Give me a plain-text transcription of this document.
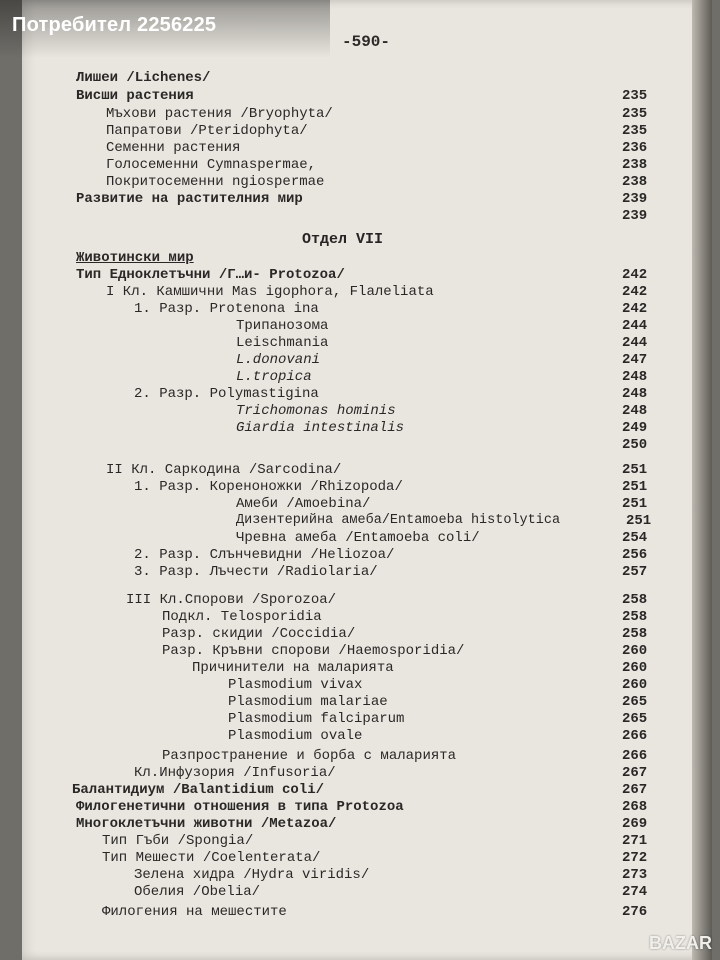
-590-
Лишеи /Lichenes/
Висши растения	235
Мъхови растения /Bryophyta/	235
Папратови /Pteridophyta/	235
Семенни растения	236
Голосеменни Cymnaspermae,	238
Покритосеменни ngiospermae	238
Развитие на растителния мир	239
239
Отдел VII
Животински мир
Тип Едноклетъчни /Г…и- Protozoa/	242
I Кл. Камшични Mas igophora, Flaлeliata	242
1. Разр. Protenona ina	242
Трипанозома	244
Leischmania	244
L.donovani	247
L.tropica	248
2. Разр. Polymastigina	248
Trichomonas hominis	248
Giardia intestinalis	249
250
II Кл. Саркодина /Sarcodina/	251
1. Разр. Кореноножки /Rhizopoda/	251
Амеби /Amoebina/	251
Дизентерийна амеба/Entamoeba histolytica	251
Чревна амеба /Entamoeba coli/	254
2. Разр. Слънчевидни /Heliozoa/	256
3. Разр. Лъчести /Radiolaria/	257
III Кл.Спорови /Sporozoa/	258
Подкл. Telosporidia	258
Разр. скидии /Coccidia/	258
Разр. Кръвни спорови /Haemosporidia/	260
Причинители на маларията	260
Plasmodium vivax	260
Plasmodium malariae	265
Plasmodium falciparum	265
Plasmodium ovale	266
Разпространение и борба с маларията	266
Кл.Инфузория /Infusoria/	267
Балантидиум /Balantidium coli/	267
Филогенетични отношения в типа Protozoa	268
Многоклетъчни животни /Metazoa/	269
Тип Гъби /Spongia/	271
Тип Мешести /Coelenterata/	272
Зелена хидра /Hydra viridis/	273
Обелия /Obelia/	274
Филогения на мешестите	276
Потребител 2256225
BAZAR
